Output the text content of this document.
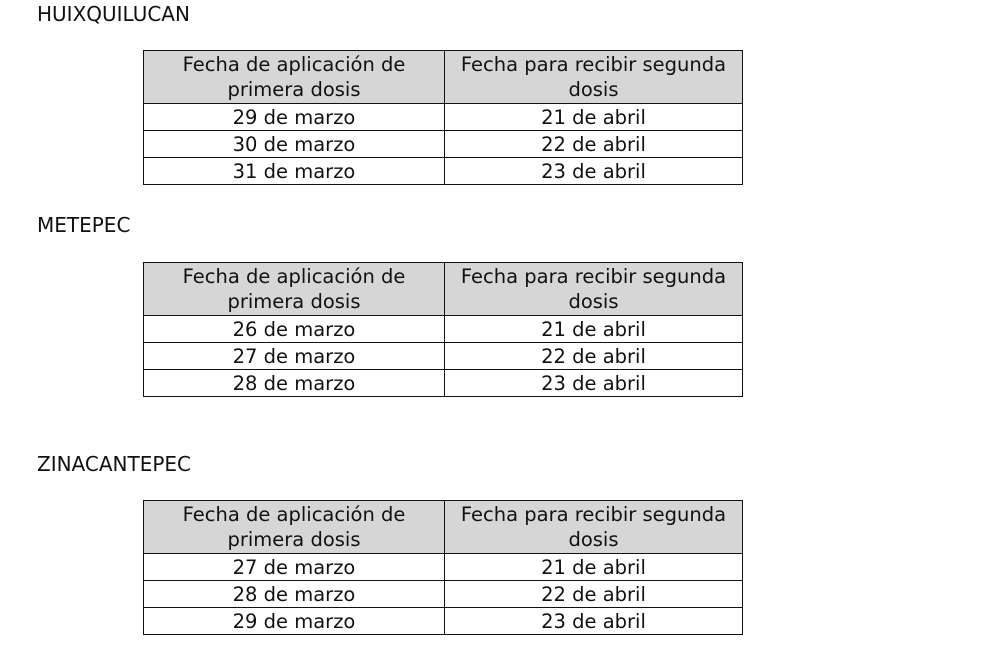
HUIXQUILUCAN
Fecha de aplicación de primera dosis	Fecha para recibir segunda dosis
29 de marzo	21 de abril
30 de marzo	22 de abril
31 de marzo	23 de abril
METEPEC
Fecha de aplicación de primera dosis	Fecha para recibir segunda dosis
26 de marzo	21 de abril
27 de marzo	22 de abril
28 de marzo	23 de abril
ZINACANTEPEC
Fecha de aplicación de primera dosis	Fecha para recibir segunda dosis
27 de marzo	21 de abril
28 de marzo	22 de abril
29 de marzo	23 de abril
